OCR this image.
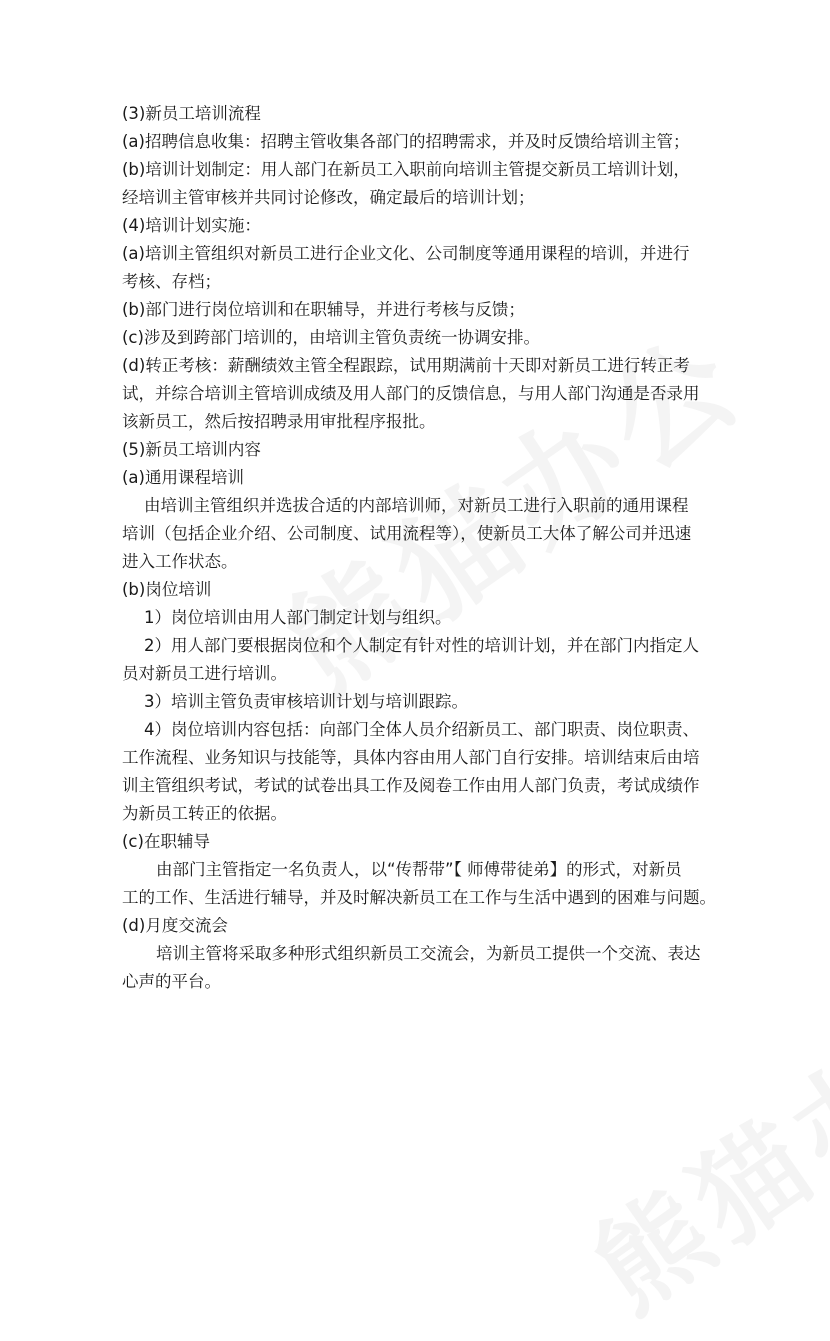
(3)新员工培训流程

(a)招聘信息收集：招聘主管收集各部门的招聘需求，并及时反馈给培训主管；

(b)培训计划制定：用人部门在新员工入职前向培训主管提交新员工培训计划，

经培训主管审核并共同讨论修改，确定最后的培训计划；

(4)培训计划实施：

(a)培训主管组织对新员工进行企业文化、公司制度等通用课程的培训，并进行

考核、存档；

(b)部门进行岗位培训和在职辅导，并进行考核与反馈；

(c)涉及到跨部门培训的，由培训主管负责统一协调安排。

(d)转正考核：薪酬绩效主管全程跟踪，试用期满前十天即对新员工进行转正考

试，并综合培训主管培训成绩及用人部门的反馈信息，与用人部门沟通是否录用

该新员工，然后按招聘录用审批程序报批。

(5)新员工培训内容

(a)通用课程培训

由培训主管组织并选拔合适的内部培训师，对新员工进行入职前的通用课程

培训（包括企业介绍、公司制度、试用流程等），使新员工大体了解公司并迅速

进入工作状态。

(b)岗位培训

1）岗位培训由用人部门制定计划与组织。

2）用人部门要根据岗位和个人制定有针对性的培训计划，并在部门内指定人

员对新员工进行培训。

3）培训主管负责审核培训计划与培训跟踪。

4）岗位培训内容包括：向部门全体人员介绍新员工、部门职责、岗位职责、

工作流程、业务知识与技能等，具体内容由用人部门自行安排。培训结束后由培

训主管组织考试，考试的试卷出具工作及阅卷工作由用人部门负责，考试成绩作

为新员工转正的依据。

(c)在职辅导

由部门主管指定一名负责人，以“传帮带”【 师傅带徒弟】的形式，对新员

工的工作、生活进行辅导，并及时解决新员工在工作与生活中遇到的困难与问题。

(d)月度交流会

培训主管将采取多种形式组织新员工交流会，为新员工提供一个交流、表达

心声的平台。
